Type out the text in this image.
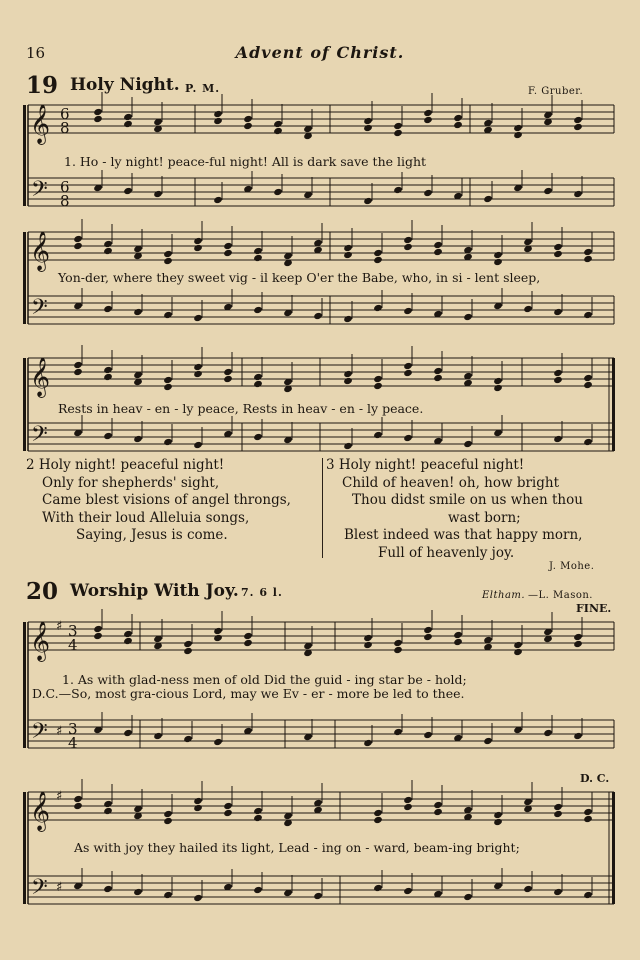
16	Advent of Christ.
19 Holy Night. P. M.	F. Gruber.
1. Ho - ly night! peace-ful night! All is dark save the light
Yon-der, where they sweet vig - il keep O'er the Babe, who, in si - lent sleep,
Rests in heav - en - ly peace, Rests in heav - en - ly peace.
2 Holy night! peaceful night!
Only for shepherds' sight,
Came blest visions of angel throngs,
With their loud Alleluia songs,
Saying, Jesus is come.
3 Holy night! peaceful night!
Child of heaven! oh, how bright
Thou didst smile on us when thou
wast born;
Blest indeed was that happy morn,
Full of heavenly joy.
J. Mohe.
20 Worship With Joy. 7. 6 l.	Eltham. —L. Mason.
FINE.
D. C.
1. As with glad-ness men of old Did the guid - ing star be - hold;
D.C.—So, most gra-cious Lord, may we Ev - er - more be led to thee.
As with joy they hailed its light, Lead - ing on - ward, beam-ing bright;
𝄞
𝄢
6
8
6
8
𝄞
𝄢
𝄞
𝄢
𝄞
𝄢
♯
♯
3
4
3
4
𝄞
𝄢
♯
♯
